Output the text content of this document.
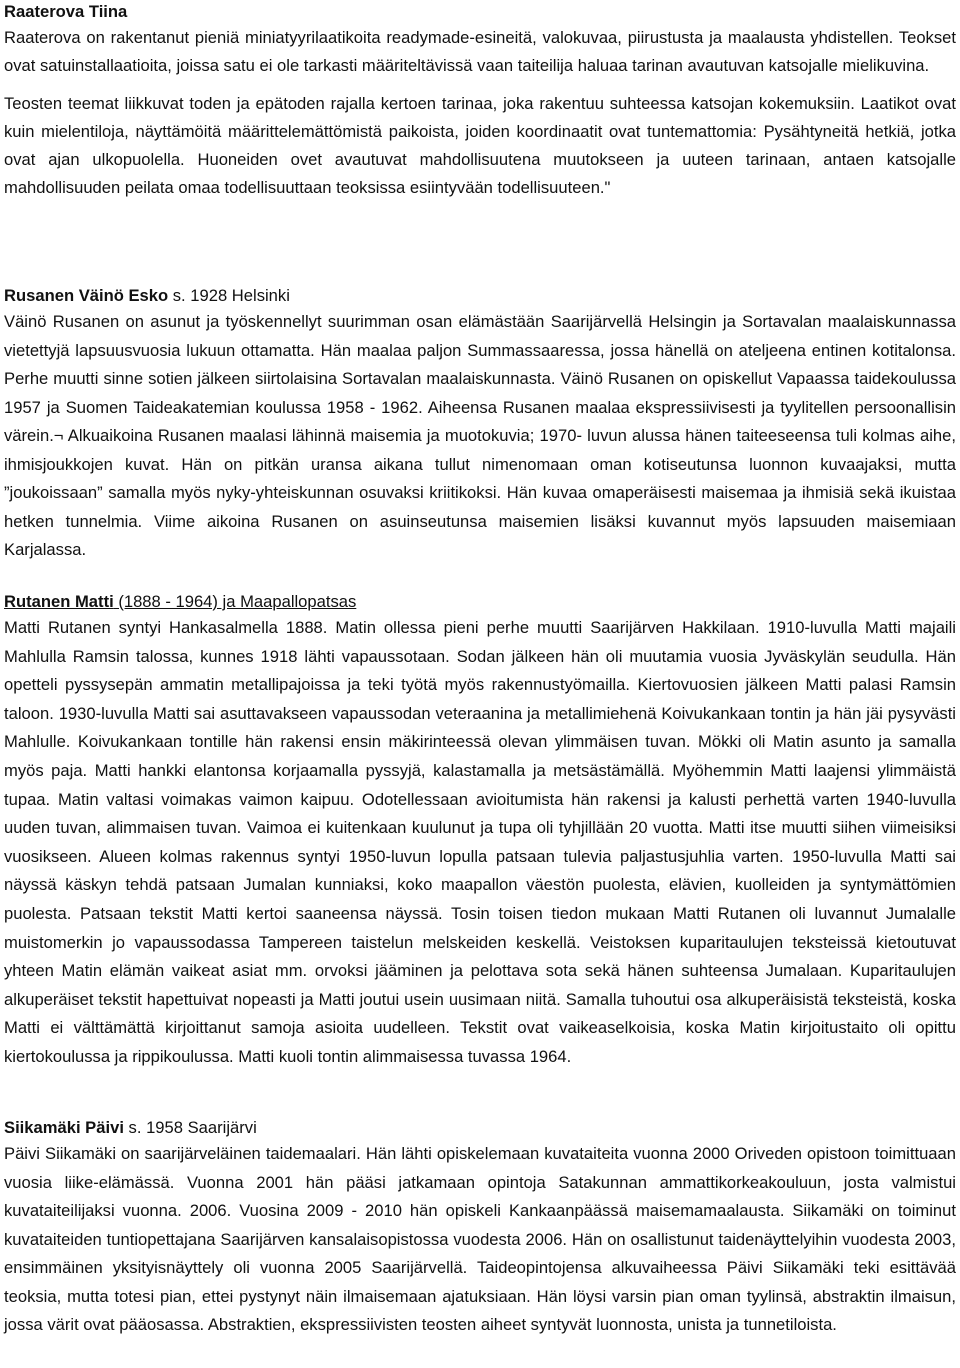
Raaterova Tiina

Raaterova on rakentanut pieniä miniatyyrilaatikoita readymade-esineitä, valokuvaa, piirustusta ja maalausta yhdistellen. Teokset ovat satuinstallaatioita, joissa satu ei ole tarkasti määriteltävissä vaan taiteilija haluaa tarinan avautuvan katsojalle mielikuvina.

Teosten teemat liikkuvat toden ja epätoden rajalla kertoen tarinaa, joka rakentuu suhteessa katsojan kokemuksiin. Laatikot ovat kuin mielentiloja, näyttämöitä määrittelemättömistä paikoista, joiden koordinaatit ovat tuntemattomia: Pysähtyneitä hetkiä, jotka ovat ajan ulkopuolella. Huoneiden ovet avautuvat mahdollisuutena muutokseen ja uuteen tarinaan, antaen katsojalle mahdollisuuden peilata omaa todellisuuttaan teoksissa esiintyvään todellisuuteen."

Rusanen Väinö Esko s. 1928 Helsinki

Väinö Rusanen on asunut ja työskennellyt suurimman osan elämästään Saarijärvellä Helsingin ja Sortavalan maalaiskunnassa vietettyjä lapsuusvuosia lukuun ottamatta. Hän maalaa paljon Summassaaressa, jossa hänellä on ateljeena entinen kotitalonsa. Perhe muutti sinne sotien jälkeen siirtolaisina Sortavalan maalaiskunnasta. Väinö Rusanen on opiskellut Vapaassa taidekoulussa 1957 ja Suomen Taideakatemian koulussa 1958 - 1962. Aiheensa Rusanen maalaa ekspressiivisesti ja tyylitellen persoonallisin värein.¬ Alkuaikoina Rusanen maalasi lähinnä maisemia ja muotokuvia; 1970- luvun alussa hänen taiteeseensa tuli kolmas aihe, ihmisjoukkojen kuvat. Hän on pitkän uransa aikana tullut nimenomaan oman kotiseutunsa luonnon kuvaajaksi, mutta ”joukoissaan” samalla myös nyky-yhteiskunnan osuvaksi kriitikoksi. Hän kuvaa omaperäisesti maisemaa ja ihmisiä sekä ikuistaa hetken tunnelmia. Viime aikoina Rusanen on asuinseutunsa maisemien lisäksi kuvannut myös lapsuuden maisemiaan Karjalassa.

Rutanen Matti (1888 - 1964) ja Maapallopatsas

Matti Rutanen syntyi Hankasalmella 1888. Matin ollessa pieni perhe muutti Saarijärven Hakkilaan. 1910-luvulla Matti majaili Mahlulla Ramsin talossa, kunnes 1918 lähti vapaussotaan. Sodan jälkeen hän oli muutamia vuosia Jyväskylän seudulla. Hän opetteli pyssysepän ammatin metallipajoissa ja teki työtä myös rakennustyömailla. Kiertovuosien jälkeen Matti palasi Ramsin taloon. 1930-luvulla Matti sai asuttavakseen vapaussodan veteraanina ja metallimiehenä Koivukankaan tontin ja hän jäi pysyvästi Mahlulle. Koivukankaan tontille hän rakensi ensin mäkirinteessä olevan ylimmäisen tuvan. Mökki oli Matin asunto ja samalla myös paja. Matti hankki elantonsa korjaamalla pyssyjä, kalastamalla ja metsästämällä. Myöhemmin Matti laajensi ylimmäistä tupaa. Matin valtasi voimakas vaimon kaipuu. Odotellessaan avioitumista hän rakensi ja kalusti perhettä varten 1940-luvulla uuden tuvan, alimmaisen tuvan. Vaimoa ei kuitenkaan kuulunut ja tupa oli tyhjillään 20 vuotta. Matti itse muutti siihen viimeisiksi vuosikseen. Alueen kolmas rakennus syntyi 1950-luvun lopulla patsaan tulevia paljastusjuhlia varten. 1950-luvulla Matti sai näyssä käskyn tehdä patsaan Jumalan kunniaksi, koko maapallon väestön puolesta, elävien, kuolleiden ja syntymättömien puolesta. Patsaan tekstit Matti kertoi saaneensa näyssä. Tosin toisen tiedon mukaan Matti Rutanen oli luvannut Jumalalle muistomerkin jo vapaussodassa Tampereen taistelun melskeiden keskellä. Veistoksen kuparitaulujen teksteissä kietoutuvat yhteen Matin elämän vaikeat asiat mm. orvoksi jääminen ja pelottava sota sekä hänen suhteensa Jumalaan. Kuparitaulujen alkuperäiset tekstit hapettuivat nopeasti ja Matti joutui usein uusimaan niitä. Samalla tuhoutui osa alkuperäisistä teksteistä, koska Matti ei välttämättä kirjoittanut samoja asioita uudelleen. Tekstit ovat vaikeaselkoisia, koska Matin kirjoitustaito oli opittu kiertokoulussa ja rippikoulussa. Matti kuoli tontin alimmaisessa tuvassa 1964.

Siikamäki Päivi s. 1958 Saarijärvi

Päivi Siikamäki on saarijärveläinen taidemaalari. Hän lähti opiskelemaan kuvataiteita vuonna 2000 Oriveden opistoon toimittuaan vuosia liike-elämässä. Vuonna 2001 hän pääsi jatkamaan opintoja Satakunnan ammattikorkeakouluun, josta valmistui kuvataiteilijaksi vuonna. 2006. Vuosina 2009 - 2010 hän opiskeli Kankaanpäässä maisemamaalausta. Siikamäki on toiminut kuvataiteiden tuntiopettajana Saarijärven kansalaisopistossa vuodesta 2006. Hän on osallistunut taidenäyttelyihin vuodesta 2003, ensimmäinen yksityisnäyttely oli vuonna 2005 Saarijärvellä. Taideopintojensa alkuvaiheessa Päivi Siikamäki teki esittävää teoksia, mutta totesi pian, ettei pystynyt näin ilmaisemaan ajatuksiaan. Hän löysi varsin pian oman tyylinsä, abstraktin ilmaisun, jossa värit ovat pääosassa. Abstraktien, ekspressiivisten teosten aiheet syntyvät luonnosta, unista ja tunnetiloista.
